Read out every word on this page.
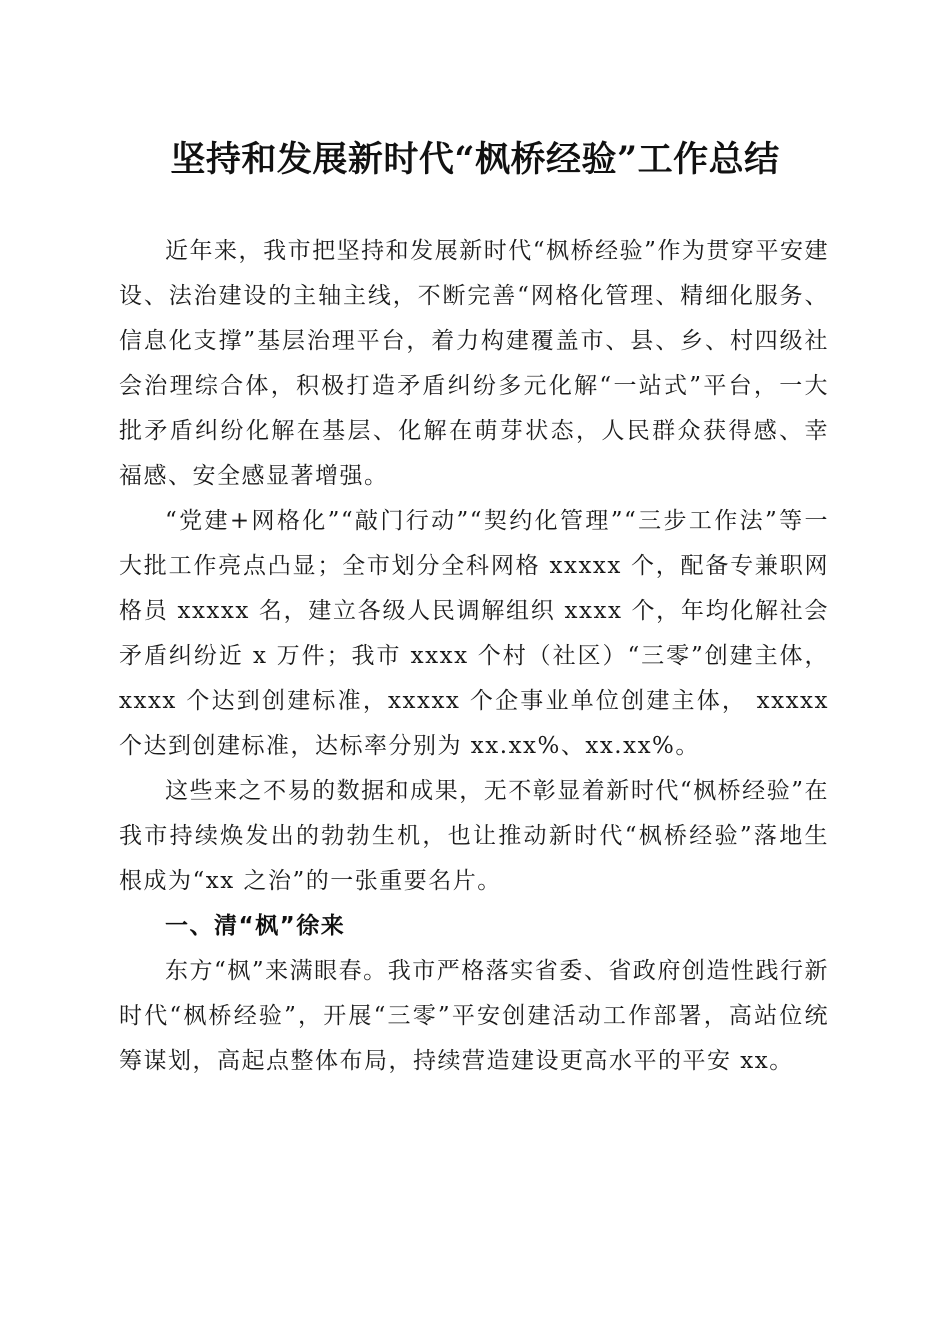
坚持和发展新时代“枫桥经验”工作总结

近年来，我市把坚持和发展新时代“枫桥经验”作为贯穿平安建设、法治建设的主轴主线，不断完善“网格化管理、精细化服务、信息化支撑”基层治理平台，着力构建覆盖市、县、乡、村四级社会治理综合体，积极打造矛盾纠纷多元化解“一站式”平台，一大批矛盾纠纷化解在基层、化解在萌芽状态，人民群众获得感、幸福感、安全感显著增强。

“党建+网格化”“敲门行动”“契约化管理”“三步工作法”等一大批工作亮点凸显；全市划分全科网格 xxxxx 个，配备专兼职网格员 xxxxx 名，建立各级人民调解组织 xxxx 个，年均化解社会矛盾纠纷近 x 万件；我市 xxxx 个村（社区）“三零”创建主体，xxxx 个达到创建标准，xxxxx 个企事业单位创建主体， xxxxx 个达到创建标准，达标率分别为 xx.xx%、xx.xx%。

这些来之不易的数据和成果，无不彰显着新时代“枫桥经验”在我市持续焕发出的勃勃生机，也让推动新时代“枫桥经验”落地生根成为“xx 之治”的一张重要名片。

一、清“枫”徐来

东方“枫”来满眼春。我市严格落实省委、省政府创造性践行新时代“枫桥经验”，开展“三零”平安创建活动工作部署，高站位统筹谋划，高起点整体布局，持续营造建设更高水平的平安 xx。
